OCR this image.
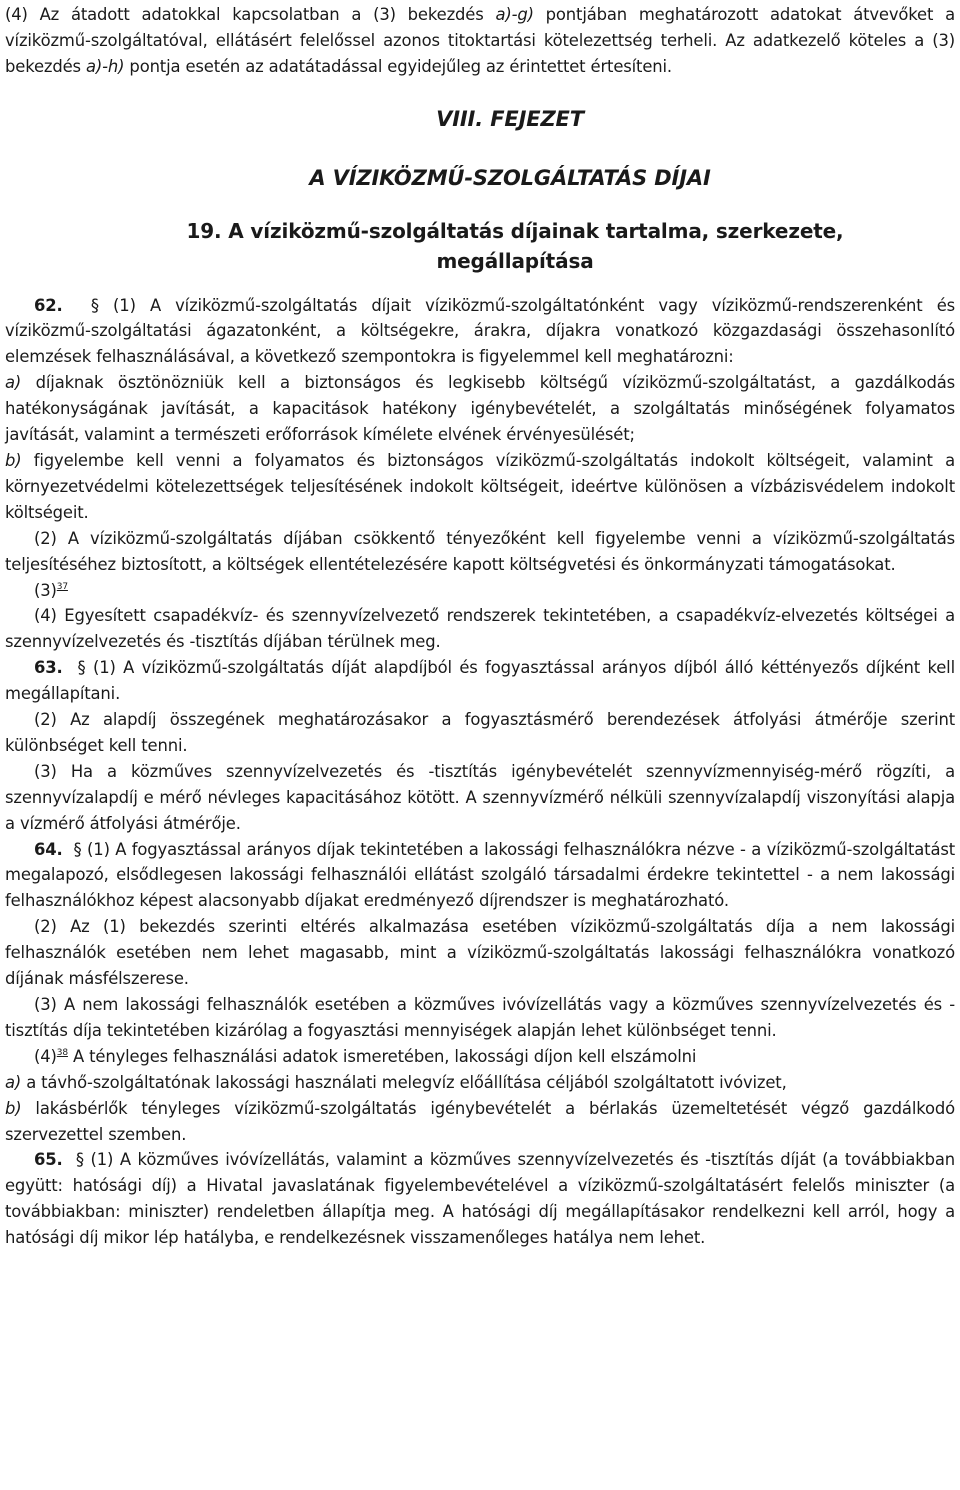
(4) Az átadott adatokkal kapcsolatban a (3) bekezdés a)-g) pontjában meghatározott adatokat átvevőket a víziközmű-szolgáltatóval, ellátásért felelőssel azonos titoktartási kötelezettség terheli. Az adatkezelő köteles a (3) bekezdés a)-h) pontja esetén az adatátadással egyidejűleg az érintettet értesíteni.

VIII. FEJEZET

A VÍZIKÖZMŰ-SZOLGÁLTATÁS DÍJAI

19. A víziközmű-szolgáltatás díjainak tartalma, szerkezete,
megállapítása

62. § (1) A víziközmű-szolgáltatás díjait víziközmű-szolgáltatónként vagy víziközmű-rendszerenként és víziközmű-szolgáltatási ágazatonként, a költségekre, árakra, díjakra vonatkozó közgazdasági összehasonlító elemzések felhasználásával, a következő szempontokra is figyelemmel kell meghatározni:

a) díjaknak ösztönözniük kell a biztonságos és legkisebb költségű víziközmű-szolgáltatást, a gazdálkodás hatékonyságának javítását, a kapacitások hatékony igénybevételét, a szolgáltatás minőségének folyamatos javítását, valamint a természeti erőforrások kímélete elvének érvényesülését;

b) figyelembe kell venni a folyamatos és biztonságos víziközmű-szolgáltatás indokolt költségeit, valamint a környezetvédelmi kötelezettségek teljesítésének indokolt költségeit, ideértve különösen a vízbázisvédelem indokolt költségeit.

(2) A víziközmű-szolgáltatás díjában csökkentő tényezőként kell figyelembe venni a víziközmű-szolgáltatás teljesítéséhez biztosított, a költségek ellentételezésére kapott költségvetési és önkormányzati támogatásokat.

$(3)^{37}$

(4) Egyesített csapadékvíz- és szennyvízelvezető rendszerek tekintetében, a csapadékvíz-elvezetés költségei a szennyvízelvezetés és -tisztítás díjában térülnek meg.

63. § (1) A víziközmű-szolgáltatás díját alapdíjból és fogyasztással arányos díjból álló kéttényezős díjként kell megállapítani.

(2) Az alapdíj összegének meghatározásakor a fogyasztásmérő berendezések átfolyási átmérője szerint különbséget kell tenni.

(3) Ha a közműves szennyvízelvezetés és -tisztítás igénybevételét szennyvízmennyiség-mérő rögzíti, a szennyvízalapdíj e mérő névleges kapacitásához kötött. A szennyvízmérő nélküli szennyvízalapdíj viszonyítási alapja a vízmérő átfolyási átmérője.

64. § (1) A fogyasztással arányos díjak tekintetében a lakossági felhasználókra nézve - a víziközmű-szolgáltatást megalapozó, elsődlegesen lakossági felhasználói ellátást szolgáló társadalmi érdekre tekintettel - a nem lakossági felhasználókhoz képest alacsonyabb díjakat eredményező díjrendszer is meghatározható.

(2) Az (1) bekezdés szerinti eltérés alkalmazása esetében víziközmű-szolgáltatás díja a nem lakossági felhasználók esetében nem lehet magasabb, mint a víziközmű-szolgáltatás lakossági felhasználókra vonatkozó díjának másfélszerese.

(3) A nem lakossági felhasználók esetében a közműves ivóvízellátás vagy a közműves szennyvízelvezetés és -tisztítás díja tekintetében kizárólag a fogyasztási mennyiségek alapján lehet különbséget tenni.

$(4)^{38}$ A tényleges felhasználási adatok ismeretében, lakossági díjon kell elszámolni

a) a távhő-szolgáltatónak lakossági használati melegvíz előállítása céljából szolgáltatott ivóvizet,

b) lakásbérlők tényleges víziközmű-szolgáltatás igénybevételét a bérlakás üzemeltetését végző gazdálkodó szervezettel szemben.

65. § (1) A közműves ivóvízellátás, valamint a közműves szennyvízelvezetés és -tisztítás díját (a továbbiakban együtt: hatósági díj) a Hivatal javaslatának figyelembevételével a víziközmű-szolgáltatásért felelős miniszter (a továbbiakban: miniszter) rendeletben állapítja meg. A hatósági díj megállapításakor rendelkezni kell arról, hogy a hatósági díj mikor lép hatályba, e rendelkezésnek visszamenőleges hatálya nem lehet.
